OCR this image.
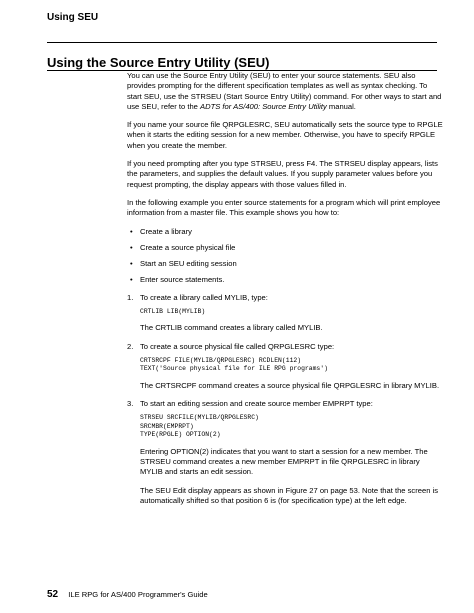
Using SEU
Using the Source Entry Utility (SEU)

You can use the Source Entry Utility (SEU) to enter your source statements. SEU also provides prompting for the different specification templates as well as syntax checking. To start SEU, use the STRSEU (Start Source Entry Utility) command. For other ways to start and use SEU, refer to the ADTS for AS/400: Source Entry Utility manual.

If you name your source file QRPGLESRC, SEU automatically sets the source type to RPGLE when it starts the editing session for a new member. Otherwise, you have to specify RPGLE when you create the member.

If you need prompting after you type STRSEU, press F4. The STRSEU display appears, lists the parameters, and supplies the default values. If you supply parameter values before you request prompting, the display appears with those values filled in.

In the following example you enter source statements for a program which will print employee information from a master file. This example shows you how to:

• Create a library
• Create a source physical file
• Start an SEU editing session
• Enter source statements.
1. To create a library called MYLIB, type:

CRTLIB LIB(MYLIB)

The CRTLIB command creates a library called MYLIB.

2. To create a source physical file called QRPGLESRC type:

CRTSRCPF FILE(MYLIB/QRPGLESRC) RCDLEN(112)
TEXT('Source physical file for ILE RPG programs')

The CRTSRCPF command creates a source physical file QRPGLESRC in library MYLIB.

3. To start an editing session and create source member EMPRPT type:

STRSEU SRCFILE(MYLIB/QRPGLESRC)
SRCMBR(EMPRPT)
TYPE(RPGLE) OPTION(2)

Entering OPTION(2) indicates that you want to start a session for a new member. The STRSEU command creates a new member EMPRPT in file QRPGLESRC in library MYLIB and starts an edit session.

The SEU Edit display appears as shown in Figure 27 on page 53. Note that the screen is automatically shifted so that position 6 is (for specification type) at the left edge.

52 ILE RPG for AS/400 Programmer's Guide
